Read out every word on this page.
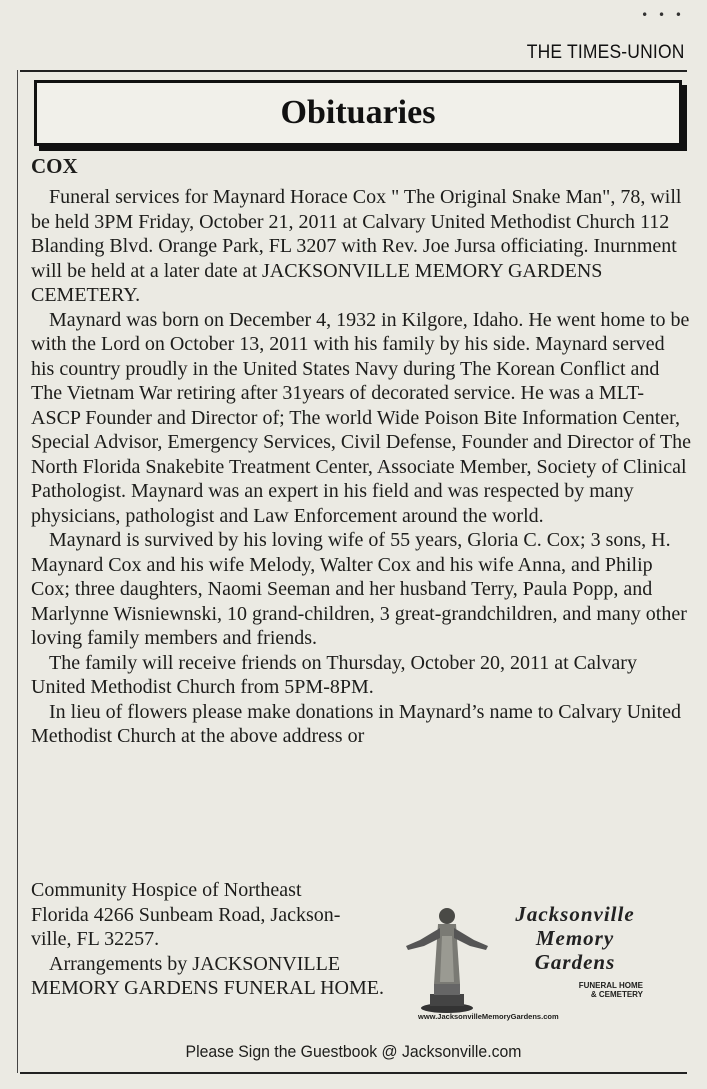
• • •
THE TIMES-UNION
Obituaries
COX

Funeral services for Maynard Horace Cox " The Original Snake Man", 78, will be held 3PM Friday, October 21, 2011 at Calvary United Methodist Church 112 Blanding Blvd. Orange Park, FL 3207 with Rev. Joe Jursa officiating. Inurnment will be held at a later date at JACKSONVILLE MEMORY GARDENS CEMETERY.

Maynard was born on December 4, 1932 in Kilgore, Idaho. He went home to be with the Lord on October 13, 2011 with his family by his side. Maynard served his country proudly in the United States Navy during The Korean Conflict and The Vietnam War retiring after 31years of decorated service. He was a MLT-ASCP Founder and Director of; The world Wide Poison Bite Information Center, Special Advisor, Emergency Services, Civil Defense, Founder and Director of The North Florida Snakebite Treatment Center, Associate Member, Society of Clinical Pathologist. Maynard was an expert in his field and was respected by many physicians, pathologist and Law Enforcement around the world.

Maynard is survived by his loving wife of 55 years, Gloria C. Cox; 3 sons, H. Maynard Cox and his wife Melody, Walter Cox and his wife Anna, and Philip Cox; three daughters, Naomi Seeman and her husband Terry, Paula Popp, and Marlynne Wisniewnski, 10 grand-children, 3 great-grandchildren, and many other loving family members and friends.

The family will receive friends on Thursday, October 20, 2011 at Calvary United Methodist Church from 5PM-8PM.

In lieu of flowers please make donations in Maynard’s name to Calvary United Methodist Church at the above address or

Community Hospice of Northeast

Florida 4266 Sunbeam Road, Jackson-

ville, FL 32257.

Arrangements by JACKSONVILLE MEMORY GARDENS FUNERAL HOME.

Jacksonville
Memory
Gardens
FUNERAL HOME
& CEMETERY
www.JacksonvilleMemoryGardens.com
Please Sign the Guestbook @ Jacksonville.com
